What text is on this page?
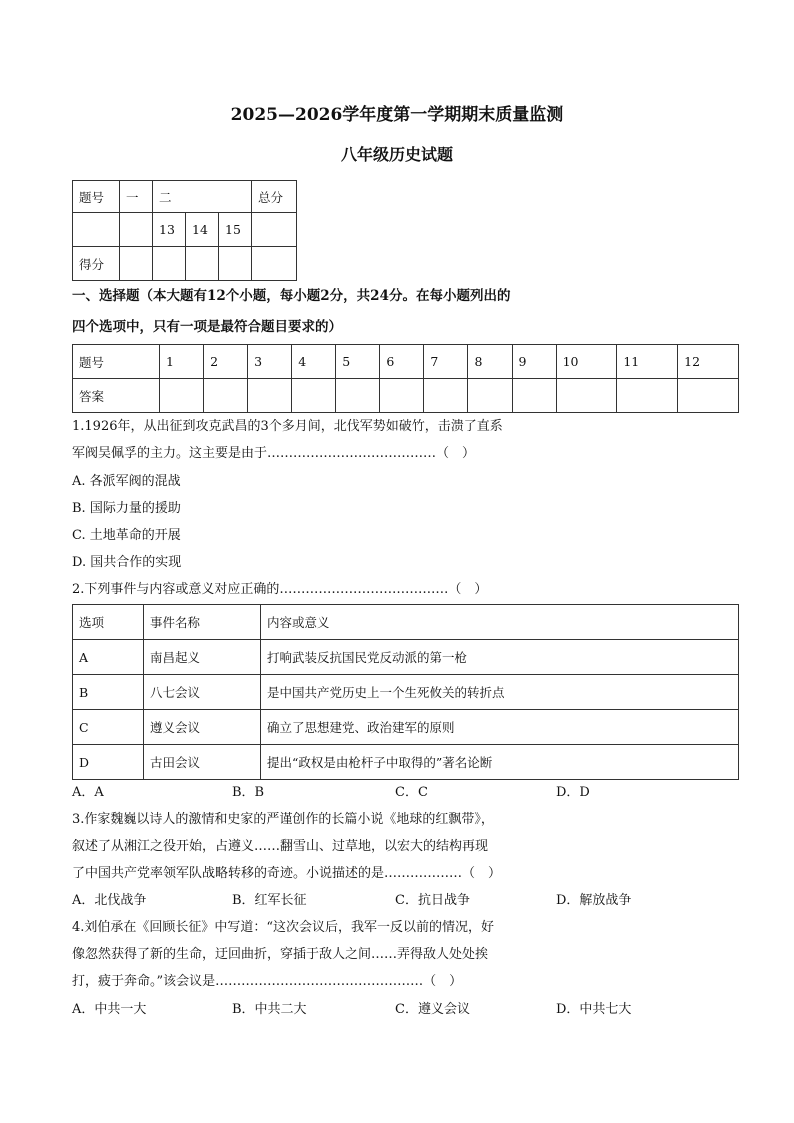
2025—2026学年度第一学期期末质量监测
八年级历史试题
题号	一	二			总分
		13	14	15	
得分					
一、选择题（本大题有12个小题，每小题2分，共24分。在每小题列出的
四个选项中，只有一项是最符合题目要求的）
题号	1	2	3	4	5	6	7	8	9	10	11	12
答案												
1.1926年，从出征到攻克武昌的3个多月间，北伐军势如破竹，击溃了直系
军阀吴佩孚的主力。这主要是由于…………………………………（　）
A. 各派军阀的混战
B. 国际力量的援助
C. 土地革命的开展
D. 国共合作的实现
2.下列事件与内容或意义对应正确的…………………………………（　）
选项	事件名称	内容或意义
A	南昌起义	打响武装反抗国民党反动派的第一枪
B	八七会议	是中国共产党历史上一个生死攸关的转折点
C	遵义会议	确立了思想建党、政治建军的原则
D	古田会议	提出“政权是由枪杆子中取得的”著名论断
A．A	B．B	C．C	D．D
3.作家魏巍以诗人的激情和史家的严谨创作的长篇小说《地球的红飘带》，
叙述了从湘江之役开始，占遵义……翻雪山、过草地，以宏大的结构再现
了中国共产党率领军队战略转移的奇迹。小说描述的是………………（　）
A．北伐战争	B．红军长征	C．抗日战争	D．解放战争
4.刘伯承在《回顾长征》中写道：“这次会议后，我军一反以前的情况，好
像忽然获得了新的生命，迂回曲折，穿插于敌人之间……弄得敌人处处挨
打，疲于奔命。”该会议是…………………………………………（　）
A．中共一大	B．中共二大	C．遵义会议	D．中共七大
